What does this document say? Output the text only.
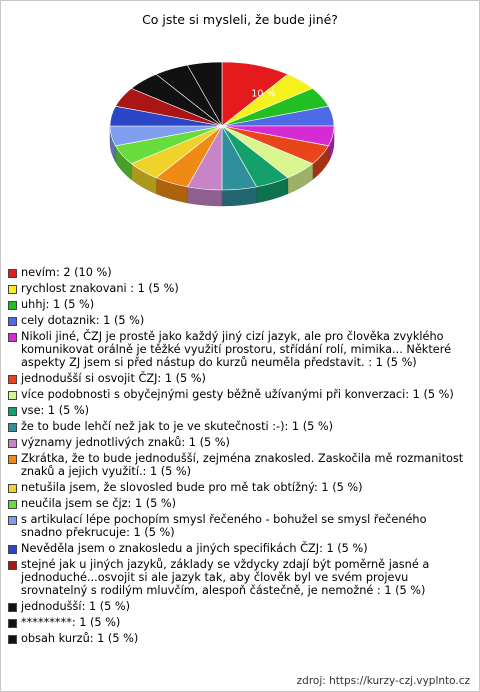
Co jste si mysleli, že bude jiné?
10 %
nevím: 2 (10 %)
rychlost znakovani : 1 (5 %)
uhhj: 1 (5 %)
cely dotaznik: 1 (5 %)
Nikoli jiné, ČZJ je prostě jako každý jiný cizí jazyk, ale pro člověka zvyklého komunikovat orálně je těžké využití prostoru, střídání rolí, mimika... Některé aspekty ZJ jsem si před nástup do kurzů neuměla představit. : 1 (5 %)
jednodušší si osvojit ČZJ: 1 (5 %)
více podobnosti s obyčejnými gesty běžně užívanými při konverzaci: 1 (5 %)
vse: 1 (5 %)
že to bude lehčí než jak to je ve skutečnosti :-): 1 (5 %)
významy jednotlivých znaků: 1 (5 %)
Zkrátka, že to bude jednodušší, zejména znakosled. Zaskočila mě rozmanitost znaků a jejich využití.: 1 (5 %)
netušila jsem, že slovosled bude pro mě tak obtížný: 1 (5 %)
neučila jsem se čjz: 1 (5 %)
s artikulací lépe pochopím smysl řečeného - bohužel se smysl řečeného snadno překrucuje: 1 (5 %)
Nevěděla jsem o znakosledu a jiných specifikách ČZJ: 1 (5 %)
stejné jak u jiných jazyků, základy se vždycky zdají být poměrně jasné a jednoduché...osvojit si ale jazyk tak, aby člověk byl ve svém projevu srovnatelný s rodilým mluvčím, alespoň částečně, je nemožné : 1 (5 %)
jednodušší: 1 (5 %)
*********: 1 (5 %)
obsah kurzů: 1 (5 %)
zdroj: https://kurzy-czj.vyplnto.cz
